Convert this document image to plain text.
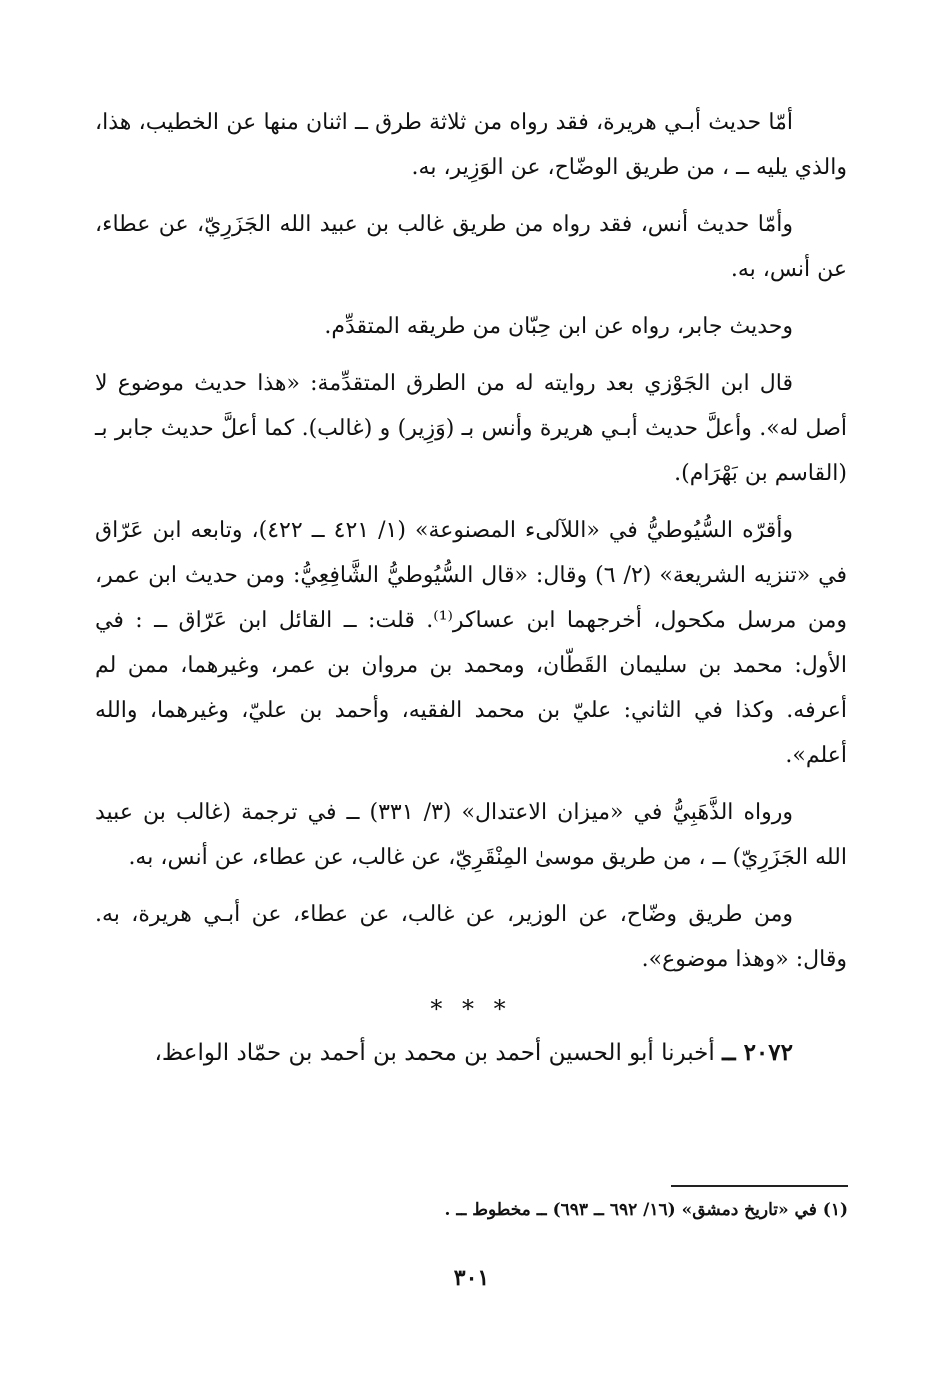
أمّا حديث أبـي هريرة، فقد رواه من ثلاثة طرق ــ اثنان منها عن الخطيب، هذا، والذي يليه ــ ، من طريق الوضّاح، عن الوَزِير، به.

وأمّا حديث أنس، فقد رواه من طريق غالب بن عبيد الله الجَزَرِيّ، عن عطاء، عن أنس، به.

وحديث جابر، رواه عن ابن حِبّان من طريقه المتقدِّم.

قال ابن الجَوْزي بعد روايته له من الطرق المتقدِّمة: «هذا حديث موضوع لا أصل له». وأعلَّ حديث أبـي هريرة وأنس بـ (وَزِير) و (غالب). كما أعلَّ حديث جابر بـ (القاسم بن بَهْرَام).

وأقرّه السُّيُوطيُّ في «اللآلىء المصنوعة» (١/ ٤٢١ ــ ٤٢٢)، وتابعه ابن عَرّاق في «تنزيه الشريعة» (٢/ ٦) وقال: «قال السُّيُوطيُّ الشَّافِعِيُّ: ومن حديث ابن عمر، ومن مرسل مكحول، أخرجهما ابن عساكر⁽¹⁾. قلت: ــ القائل ابن عَرّاق ــ : في الأول: محمد بن سليمان القَطّان، ومحمد بن مروان بن عمر، وغيرهما، ممن لم أعرفه. وكذا في الثاني: عليّ بن محمد الفقيه، وأحمد بن عليّ، وغيرهما، والله أعلم».

ورواه الذَّهَبِيُّ في «ميزان الاعتدال» (٣/ ٣٣١) ــ في ترجمة (غالب بن عبيد الله الجَزَرِيّ) ــ ، من طريق موسىٰ المِنْقَرِيّ، عن غالب، عن عطاء، عن أنس، به.

ومن طريق وضّاح، عن الوزير، عن غالب، عن عطاء، عن أبـي هريرة، به. وقال: «وهذا موضوع».

* * *

٢٠٧٢ ــ أخبرنا أبو الحسين أحمد بن محمد بن أحمد بن حمّاد الواعظ،

(١) في «تاريخ دمشق» (١٦/ ٦٩٢ ــ ٦٩٣) ــ مخطوط ــ .
٣٠١
